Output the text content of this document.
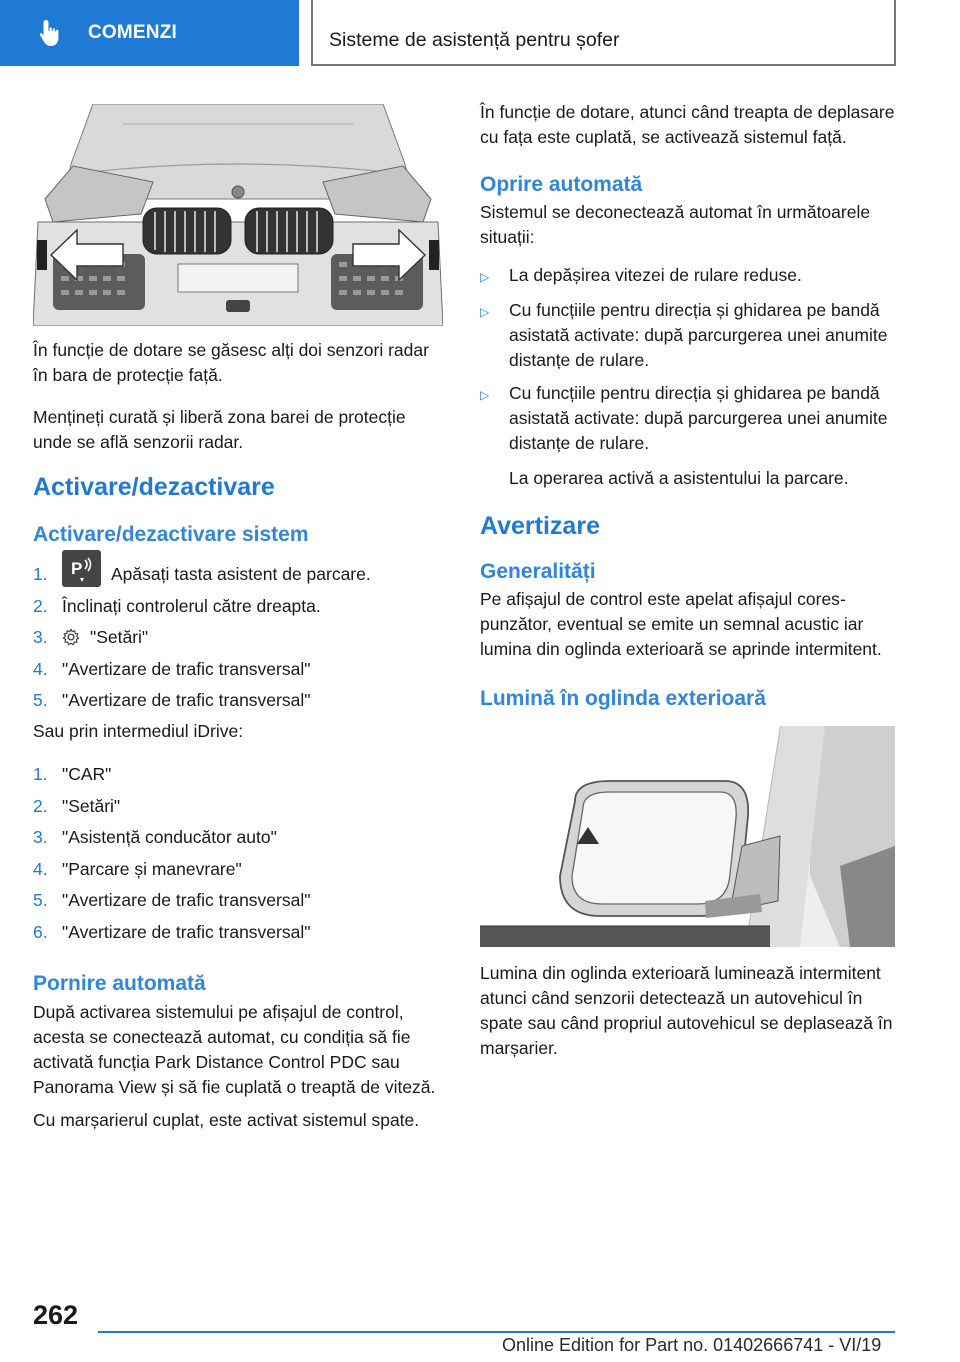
COMENZI	Sisteme de asistență pentru șofer

În funcție de dotare se găsesc alți doi senzori radar în bara de protecție față.

Mențineți curată și liberă zona barei de protecție unde se află senzorii radar.

Activare/dezactivare
Activare/dezactivare sistem
1.	P Apăsați tasta asistent de parcare.
2. Înclinați controlerul către dreapta.
3.	"Setări"
4. "Avertizare de trafic transversal"
5. "Avertizare de trafic transversal"

Sau prin intermediul iDrive:

1. "CAR"
2. "Setări"
3. "Asistență conducător auto"
4. "Parcare și manevrare"
5. "Avertizare de trafic transversal"
6. "Avertizare de trafic transversal"
Pornire automată

După activarea sistemului pe afișajul de control, acesta se conectează automat, cu condiția să fie activată funcția Park Distance Control PDC sau Panorama View și să fie cuplată o treaptă de viteză.

Cu marșarierul cuplat, este activat sistemul spate.

În funcție de dotare, atunci când treapta de deplasare cu fața este cuplată, se activează sistemul față.

Oprire automată

Sistemul se deconectează automat în următoarele situații:

▷	La depășirea vitezei de rulare reduse.
▷	Cu funcțiile pentru direcția și ghidarea pe bandă asistată activate: după parcurgerea unei anumite distanțe de rulare.
▷	Cu funcțiile pentru direcția și ghidarea pe bandă asistată activate: după parcurgerea unei anumite distanțe de rulare.

La operarea activă a asistentului la parcare.

Avertizare
Generalități

Pe afișajul de control este apelat afișajul corespunzător, eventual se emite un semnal acustic iar lumina din oglinda exterioară se aprinde intermitent.

Lumină în oglinda exterioară

Lumina din oglinda exterioară luminează intermitent atunci când senzorii detectează un autovehicul în spate sau când propriul autovehicul se deplasează în marșarier.

262
Online Edition for Part no. 01402666741 - VI/19
